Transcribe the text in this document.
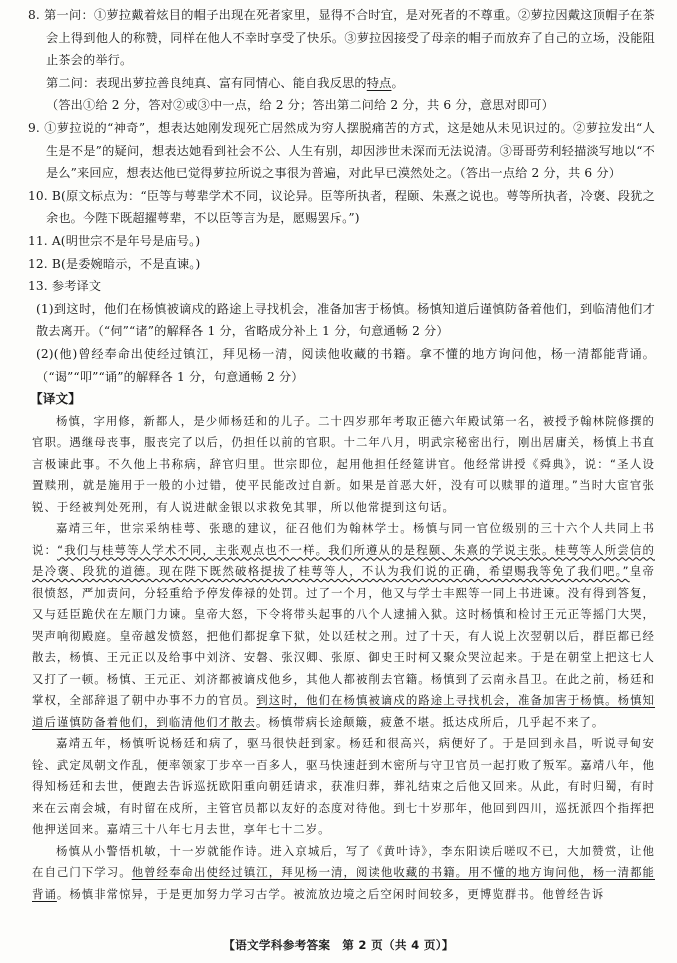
8. 第一问：①萝拉戴着炫目的帽子出现在死者家里，显得不合时宜，是对死者的不尊重。②萝拉因戴这顶帽子在茶会上得到他人的称赞，同样在他人不幸时享受了快乐。③萝拉因接受了母亲的帽子而放弃了自己的立场，没能阻止茶会的举行。

第二问：表现出萝拉善良纯真、富有同情心、能自我反思的特点。

（答出①给 2 分，答对②或③中一点，给 2 分；答出第二问给 2 分，共 6 分，意思对即可）

9. ①萝拉说的“神奇”，想表达她刚发现死亡居然成为穷人摆脱痛苦的方式，这是她从未见识过的。②萝拉发出“人生是不是”的疑问，想表达她看到社会不公、人生有别，却因涉世未深而无法说清。③哥哥劳利轻描淡写地以“不是么”来回应，想表达他已觉得萝拉所说之事很为普遍，对此早已漠然处之。（答出一点给 2 分，共 6 分）

10. B(原文标点为：“臣等与萼辈学术不同，议论异。臣等所执者，程颐、朱熹之说也。萼等所执者，冷褒、段犹之余也。今陛下既超擢萼辈，不以臣等言为是，愿赐罢斥。”)

11. A(明世宗不是年号是庙号。)

12. B(是委婉暗示，不是直谏。)

13. 参考译文

(1)到这时，他们在杨慎被谪戍的路途上寻找机会，准备加害于杨慎。杨慎知道后谨慎防备着他们，到临清他们才散去离开。（“伺”“诸”的解释各 1 分，省略成分补上 1 分，句意通畅 2 分）

(2)(他)曾经奉命出使经过镇江，拜见杨一清，阅读他收藏的书籍。拿不懂的地方询问他，杨一清都能背诵。（“谒”“叩”“诵”的解释各 1 分，句意通畅 2 分）

【译文】

杨慎，字用修，新都人，是少师杨廷和的儿子。二十四岁那年考取正德六年殿试第一名，被授予翰林院修撰的官职。遇继母丧事，服丧完了以后，仍担任以前的官职。十二年八月，明武宗秘密出行，刚出居庸关，杨慎上书直言极谏此事。不久他上书称病，辞官归里。世宗即位，起用他担任经筵讲官。他经常讲授《舜典》，说：“圣人设置赎刑，就是施用于一般的小过错，使平民能改过自新。如果是首恶大奸，没有可以赎罪的道理。”当时大宦官张锐、于经被判处死刑，有人说进献金银以求救免其罪，所以他常提到这句话。

嘉靖三年，世宗采纳桂萼、张璁的建议，征召他们为翰林学士。杨慎与同一官位级别的三十六个人共同上书说：“我们与桂萼等人学术不同，主张观点也不一样。我们所遵从的是程颐、朱熹的学说主张。桂萼等人所尝信的是冷褒、段犹的道德。现在陛下既然破格提拔了桂萼等人，不认为我们说的正确，希望赐我等免了我们吧。”皇帝很愤怒，严加责问，分轻重给予停发俸禄的处罚。过了一个月，他又与学士丰熙等一同上书进谏。没有得到答复，又与廷臣跪伏在左顺门力谏。皇帝大怒，下令将带头起事的八个人逮捕入狱。这时杨慎和检讨王元正等摇门大哭，哭声响彻殿庭。皇帝越发愤怒，把他们都捉拿下狱，处以廷杖之刑。过了十天，有人说上次翌朝以后，群臣都已经散去，杨慎、王元正以及给事中刘济、安磐、张汉卿、张原、御史王时柯又聚众哭泣起来。于是在朝堂上把这七人又打了一顿。杨慎、王元正、刘济都被谪戍他乡，其他人都被削去官籍。杨慎到了云南永昌卫。在此之前，杨廷和掌权，全部辞退了朝中办事不力的官员。到这时，他们在杨慎被谪戍的路途上寻找机会，准备加害于杨慎。杨慎知道后谨慎防备着他们，到临清他们才散去。杨慎带病长途颠簸，疲惫不堪。抵达戍所后，几乎起不来了。

嘉靖五年，杨慎听说杨廷和病了，驱马很快赶到家。杨廷和很高兴，病便好了。于是回到永昌，听说寻甸安铨、武定凤朝文作乱，便率领家丁步卒一百多人，驱马快速赶到木密所与守卫官员一起打败了叛军。嘉靖八年，他得知杨廷和去世，便跑去告诉巡抚欧阳重向朝廷请求，获准归葬，葬礼结束之后他又回来。从此，有时归蜀，有时来在云南会城，有时留在戍所，主管官员都以友好的态度对待他。到七十岁那年，他回到四川，巡抚派四个指挥把他押送回来。嘉靖三十八年七月去世，享年七十二岁。

杨慎从小警悟机敏，十一岁就能作诗。进入京城后，写了《黄叶诗》，李东阳读后嗟叹不已，大加赞赏，让他在自己门下学习。他曾经奉命出使经过镇江，拜见杨一清，阅读他收藏的书籍。用不懂的地方询问他，杨一清都能背诵。杨慎非常惊异，于是更加努力学习古学。被流放边境之后空闲时间较多，更博览群书。他曾经告诉

【语文学科参考答案　第 2 页（共 4 页）】
